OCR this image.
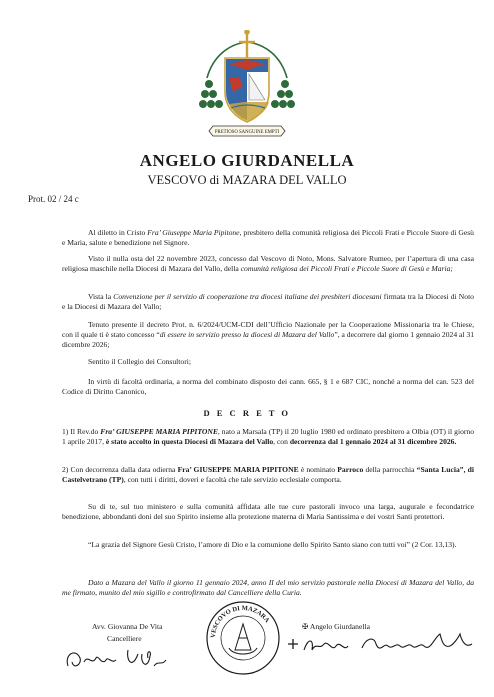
PRETIOSO SANGUINE EMPTI
ANGELO GIURDANELLA
VESCOVO di MAZARA DEL VALLO
Prot. 02 / 24 c

Al diletto in Cristo Fra’ Giuseppe Maria Pipitone, presbitero della comunità religiosa dei Piccoli Frati e Piccole Suore di Gesù e Maria, salute e benedizione nel Signore.

Visto il nulla osta del 22 novembre 2023, concesso dal Vescovo di Noto, Mons. Salvatore Rumeo, per l’apertura di una casa religiosa maschile nella Diocesi di Mazara del Vallo, della comunità religiosa dei Piccoli Frati e Piccole Suore di Gesù e Maria;

Vista la Convenzione per il servizio di cooperazione tra diocesi italiane dei presbiteri diocesani firmata tra la Diocesi di Noto e la Diocesi di Mazara del Vallo;

Tenuto presente il decreto Prot. n. 6/2024/UCM-CDI dell’Ufficio Nazionale per la Cooperazione Missionaria tra le Chiese, con il quale ti è stato concesso “di essere in servizio presso la diocesi di Mazara del Vallo”, a decorrere dal giorno 1 gennaio 2024 al 31 dicembre 2026;

Sentito il Collegio dei Consultori;

In virtù di facoltà ordinaria, a norma del combinato disposto dei cann. 665, § 1 e 687 CIC, nonché a norma del can. 523 del Codice di Diritto Canonico,

D E C R E T O

1) Il Rev.do Fra’ GIUSEPPE MARIA PIPITONE, nato a Marsala (TP) il 20 luglio 1980 ed ordinato presbitero a Olbia (OT) il giorno 1 aprile 2017, è stato accolto in questa Diocesi di Mazara del Vallo, con decorrenza dal 1 gennaio 2024 al 31 dicembre 2026.

2) Con decorrenza dalla data odierna Fra’ GIUSEPPE MARIA PIPITONE è nominato Parroco della parrocchia “Santa Lucia”, di Castelvetrano (TP), con tutti i diritti, doveri e facoltà che tale servizio ecclesiale comporta.

Su di te, sul tuo ministero e sulla comunità affidata alle tue cure pastorali invoco una larga, augurale e fecondatrice benedizione, abbondanti doni del suo Spirito insieme alla protezione materna di Maria Santissima e dei vostri Santi protettori.

“La grazia del Signore Gesù Cristo, l’amore di Dio e la comunione dello Spirito Santo siano con tutti voi” (2 Cor. 13,13).

Dato a Mazara del Vallo il giorno 11 gennaio 2024, anno II del mio servizio pastorale nella Diocesi di Mazara del Vallo, da me firmato, munito del mio sigillo e controfirmato dal Cancelliere della Curia.

Avv. Giovanna De Vita
Cancelliere	VESCOVO DI MAZARA
✠ Angelo Giurdanella
